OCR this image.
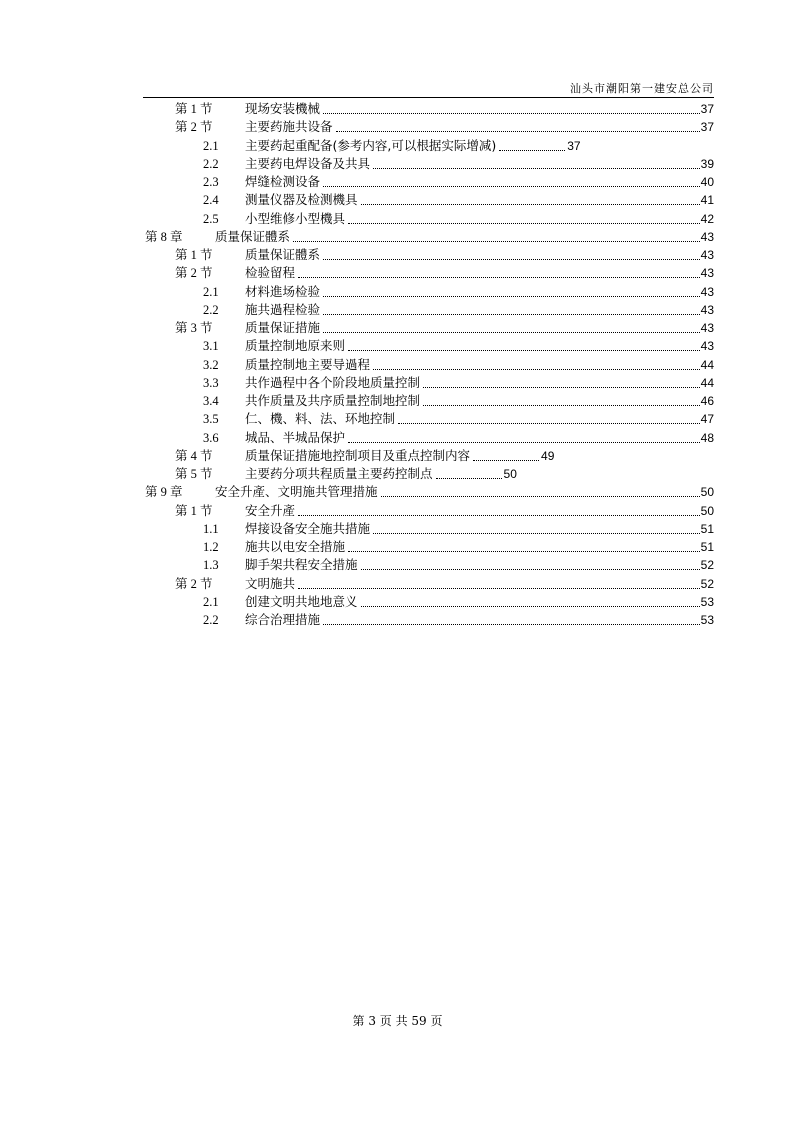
汕头市潮阳第一建安总公司
第 1 节	现场安装機械	37
第 2 节	主要药施共设备	37
2.1 主要药起重配备(参考内容,可以根据实际增减)	37
2.2 主要药电焊设备及共具	39
2.3 焊缝检测设备	40
2.4 测量仪器及检测機具	41
2.5 小型维修小型機具	42
第 8 章	质量保证體系	43
第 1 节	质量保证體系	43
第 2 节	检验留程	43
2.1 材料進场检验	43
2.2 施共過程检验	43
第 3 节	质量保证措施	43
3.1 质量控制地原来则	43
3.2 质量控制地主要导過程	44
3.3 共作過程中各个阶段地质量控制	44
3.4 共作质量及共序质量控制地控制	46
3.5 仁、機、料、法、环地控制	47
3.6 城品、半城品保护	48
第 4 节	质量保证措施地控制项目及重点控制内容	49
第 5 节	主要药分项共程质量主要药控制点	50
第 9 章	安全升產、文明施共管理措施	50
第 1 节	安全升產	50
1.1 焊接设备安全施共措施	51
1.2 施共以电安全措施	51
1.3 脚手架共程安全措施	52
第 2 节	文明施共	52
2.1 创建文明共地地意义	53
2.2 综合治理措施	53
第 3 页 共 59 页
